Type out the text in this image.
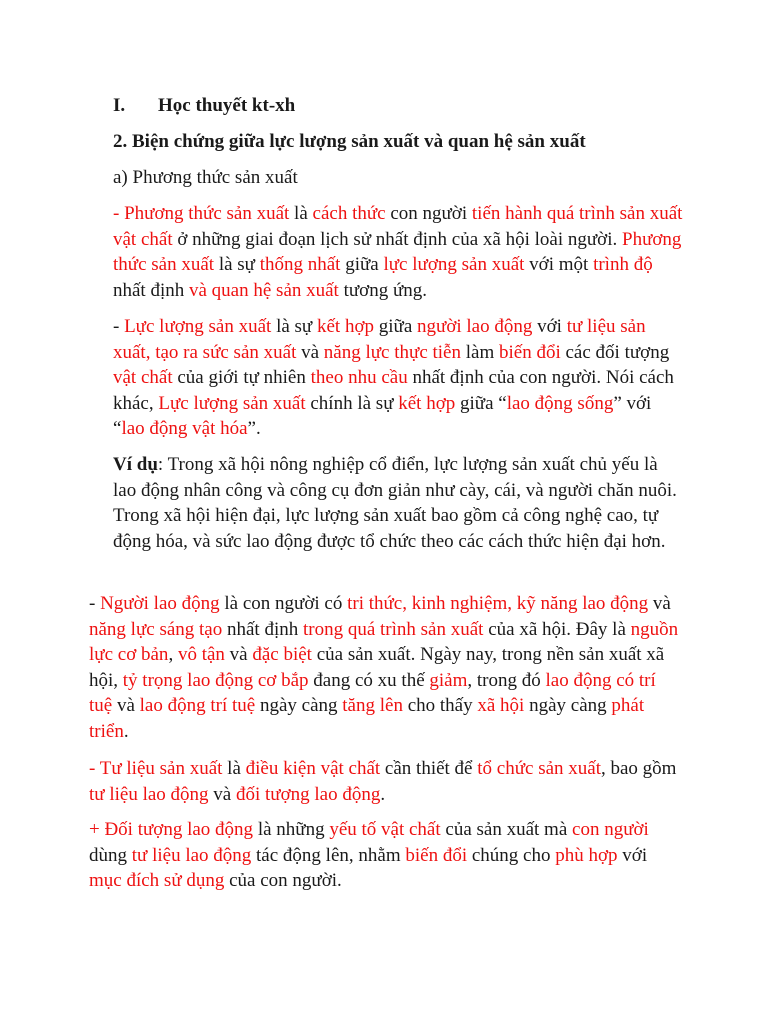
I. Học thuyết kt-xh
2. Biện chứng giữa lực lượng sản xuất và quan hệ sản xuất
a) Phương thức sản xuất

- Phương thức sản xuất là cách thức con người tiến hành quá trình sản xuất vật chất ở những giai đoạn lịch sử nhất định của xã hội loài người. Phương thức sản xuất là sự thống nhất giữa lực lượng sản xuất với một trình độ nhất định và quan hệ sản xuất tương ứng.

- Lực lượng sản xuất là sự kết hợp giữa người lao động với tư liệu sản xuất, tạo ra sức sản xuất và năng lực thực tiễn làm biến đổi các đối tượng vật chất của giới tự nhiên theo nhu cầu nhất định của con người. Nói cách khác, Lực lượng sản xuất chính là sự kết hợp giữa “lao động sống” với “lao động vật hóa”.

Ví dụ: Trong xã hội nông nghiệp cổ điển, lực lượng sản xuất chủ yếu là lao động nhân công và công cụ đơn giản như cày, cái, và người chăn nuôi. Trong xã hội hiện đại, lực lượng sản xuất bao gồm cả công nghệ cao, tự động hóa, và sức lao động được tổ chức theo các cách thức hiện đại hơn.

- Người lao động là con người có tri thức, kinh nghiệm, kỹ năng lao động và năng lực sáng tạo nhất định trong quá trình sản xuất của xã hội. Đây là nguồn lực cơ bản, vô tận và đặc biệt của sản xuất. Ngày nay, trong nền sản xuất xã hội, tỷ trọng lao động cơ bắp đang có xu thế giảm, trong đó lao động có trí tuệ và lao động trí tuệ ngày càng tăng lên cho thấy xã hội ngày càng phát triển.

- Tư liệu sản xuất là điều kiện vật chất cần thiết để tổ chức sản xuất, bao gồm tư liệu lao động và đối tượng lao động.

+ Đối tượng lao động là những yếu tố vật chất của sản xuất mà con người dùng tư liệu lao động tác động lên, nhằm biến đổi chúng cho phù hợp với mục đích sử dụng của con người.
